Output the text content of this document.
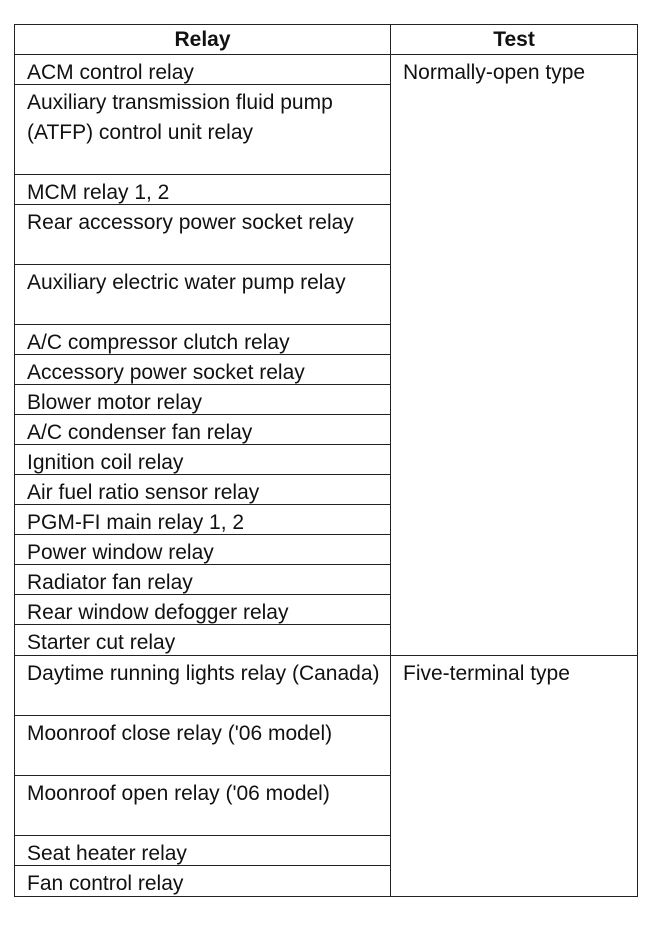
Relay	Test
ACM control relay
Auxiliary transmission fluid pump (ATFP) control unit relay
MCM relay 1, 2
Rear accessory power socket relay
Auxiliary electric water pump relay
A/C compressor clutch relay
Accessory power socket relay
Blower motor relay
A/C condenser fan relay
Ignition coil relay
Air fuel ratio sensor relay
PGM-FI main relay 1, 2
Power window relay
Radiator fan relay
Rear window defogger relay
Starter cut relay
Normally-open type
Daytime running lights relay (Canada)
Moonroof close relay ('06 model)
Moonroof open relay ('06 model)
Seat heater relay
Fan control relay
Five-terminal type
